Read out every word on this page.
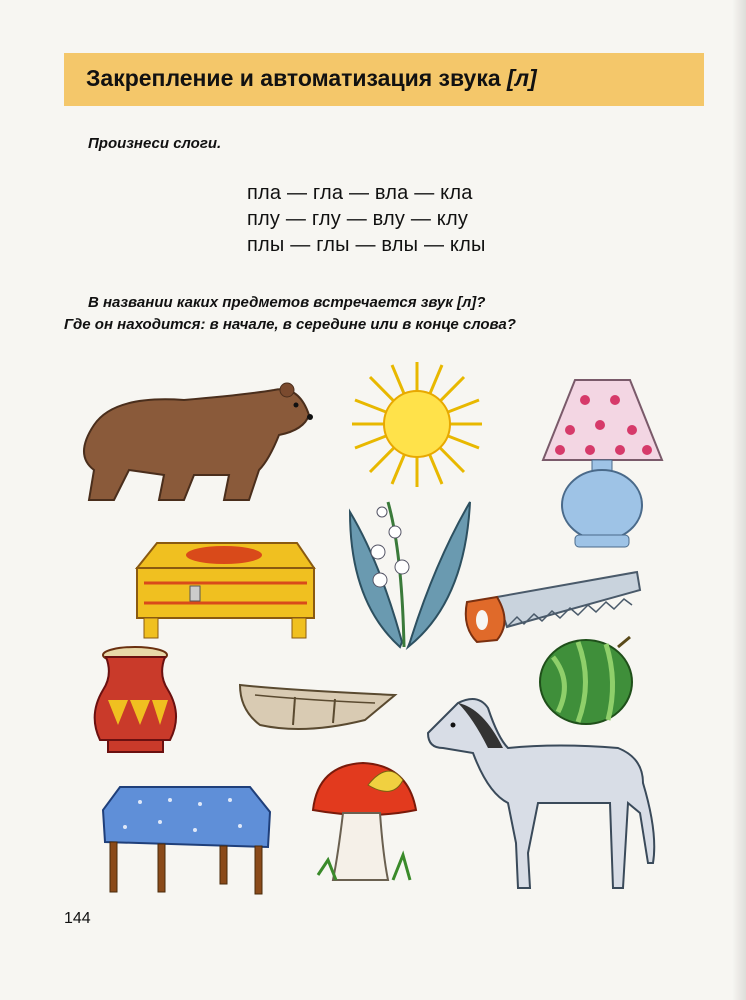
Закрепление и автоматизация звука [л]
Произнеси слоги.
пла — гла — вла — кла
плу — глу — влу — клу
плы — глы — влы — клы
В названии каких предметов встречается звук [л]?
Где он находится: в начале, в середине или в конце слова?
144
